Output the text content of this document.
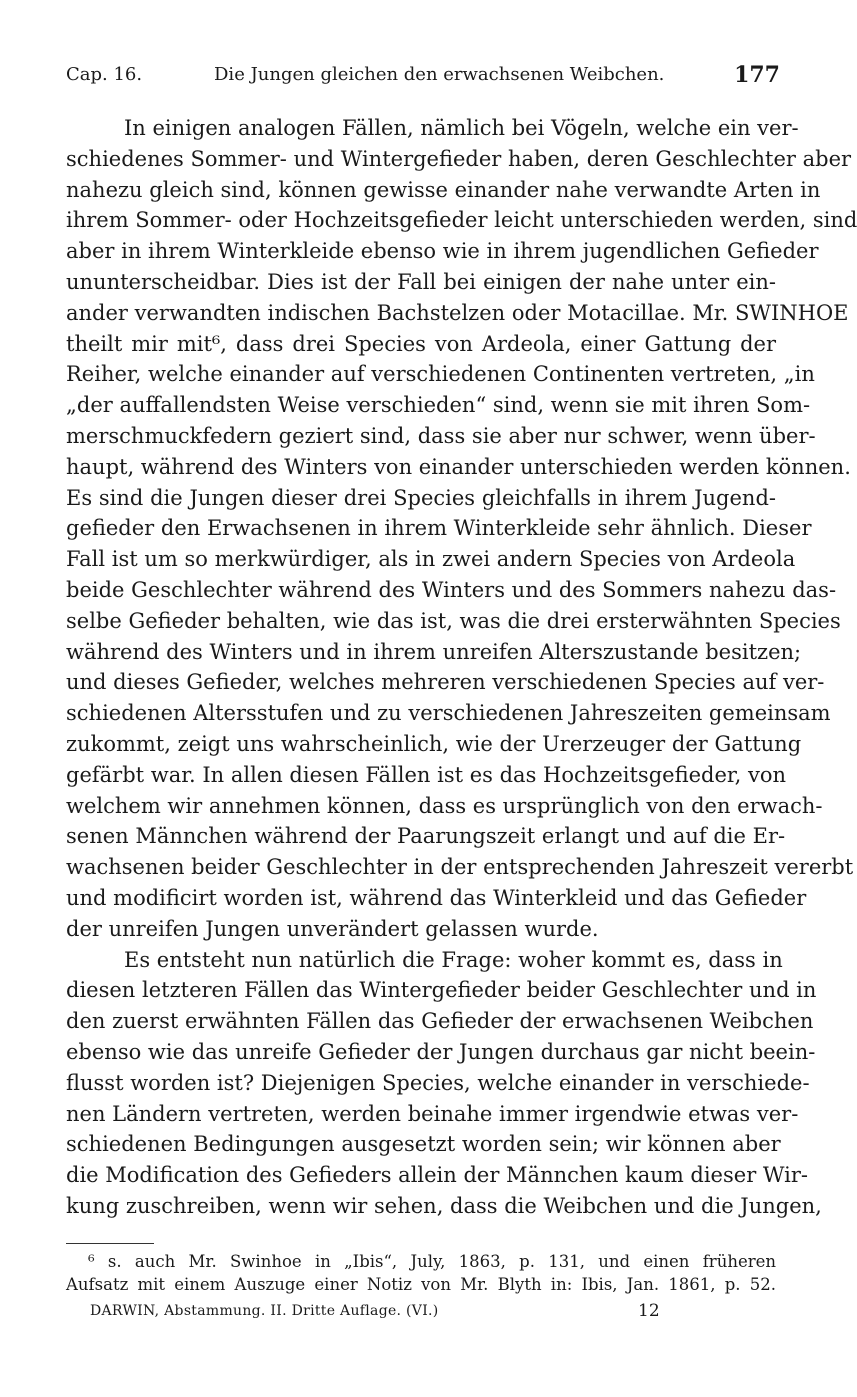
Cap. 16.	Die Jungen gleichen den erwachsenen Weibchen.	177
In einigen analogen Fällen, nämlich bei Vögeln, welche ein ver-
schiedenes Sommer- und Wintergefieder haben, deren Geschlechter aber
nahezu gleich sind, können gewisse einander nahe verwandte Arten in
ihrem Sommer- oder Hochzeitsgefieder leicht unterschieden werden, sind
aber in ihrem Winterkleide ebenso wie in ihrem jugendlichen Gefieder
ununterscheidbar. Dies ist der Fall bei einigen der nahe unter ein-
ander verwandten indischen Bachstelzen oder Motacillae. Mr. SWINHOE
theilt mir mit⁶, dass drei Species von Ardeola, einer Gattung der
Reiher, welche einander auf verschiedenen Continenten vertreten, „in
„der auffallendsten Weise verschieden“ sind, wenn sie mit ihren Som-
merschmuckfedern geziert sind, dass sie aber nur schwer, wenn über-
haupt, während des Winters von einander unterschieden werden können.
Es sind die Jungen dieser drei Species gleichfalls in ihrem Jugend-
gefieder den Erwachsenen in ihrem Winterkleide sehr ähnlich. Dieser
Fall ist um so merkwürdiger, als in zwei andern Species von Ardeola
beide Geschlechter während des Winters und des Sommers nahezu das-
selbe Gefieder behalten, wie das ist, was die drei ersterwähnten Species
während des Winters und in ihrem unreifen Alterszustande besitzen;
und dieses Gefieder, welches mehreren verschiedenen Species auf ver-
schiedenen Altersstufen und zu verschiedenen Jahreszeiten gemeinsam
zukommt, zeigt uns wahrscheinlich, wie der Urerzeuger der Gattung
gefärbt war. In allen diesen Fällen ist es das Hochzeitsgefieder, von
welchem wir annehmen können, dass es ursprünglich von den erwach-
senen Männchen während der Paarungszeit erlangt und auf die Er-
wachsenen beider Geschlechter in der entsprechenden Jahreszeit vererbt
und modificirt worden ist, während das Winterkleid und das Gefieder
der unreifen Jungen unverändert gelassen wurde.
Es entsteht nun natürlich die Frage: woher kommt es, dass in
diesen letzteren Fällen das Wintergefieder beider Geschlechter und in
den zuerst erwähnten Fällen das Gefieder der erwachsenen Weibchen
ebenso wie das unreife Gefieder der Jungen durchaus gar nicht beein-
flusst worden ist? Diejenigen Species, welche einander in verschiede-
nen Ländern vertreten, werden beinahe immer irgendwie etwas ver-
schiedenen Bedingungen ausgesetzt worden sein; wir können aber
die Modification des Gefieders allein der Männchen kaum dieser Wir-
kung zuschreiben, wenn wir sehen, dass die Weibchen und die Jungen,
⁶ s. auch Mr. Swinhoe in „Ibis“, July, 1863, p. 131, und einen früheren
Aufsatz mit einem Auszuge einer Notiz von Mr. Blyth in: Ibis, Jan. 1861, p. 52.
DARWIN, Abstammung. II. Dritte Auflage. (VI.)	12
